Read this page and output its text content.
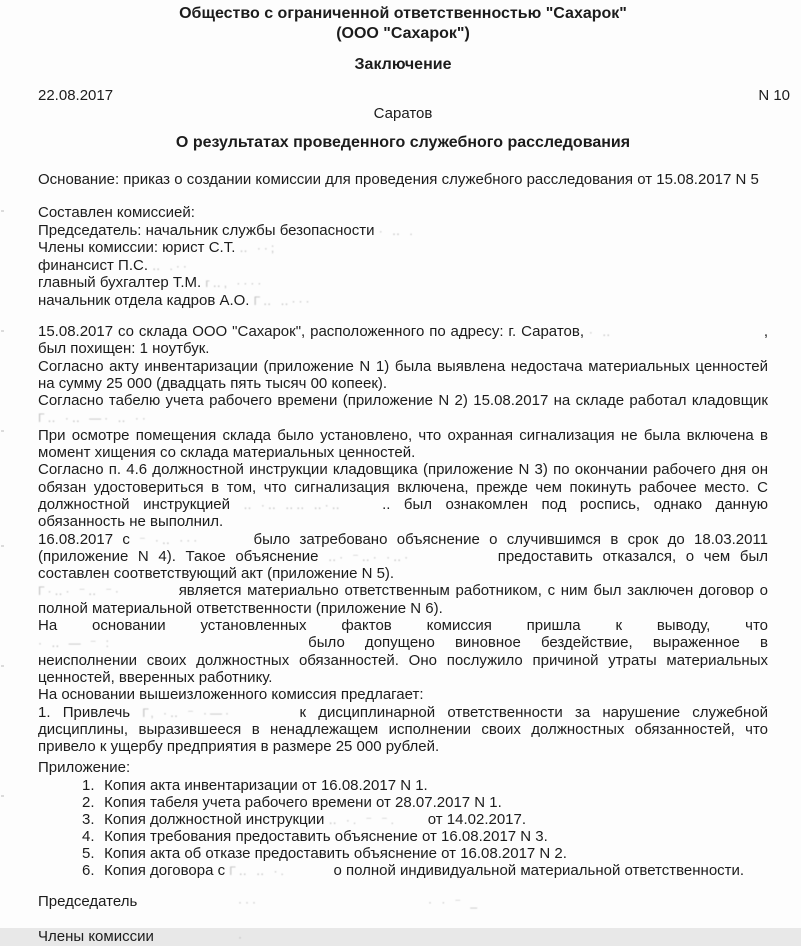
Общество с ограниченной ответственностью "Сахарок"
(ООО "Сахарок")
Заключение
22.08.2017	N 10
Саратов
О результатах проведенного служебного расследования

Основание: приказ о создании комиссии для проведения служебного расследования от 15.08.2017 N 5

Составлен комиссией:
Председатель: начальник службы безопасности · ‥ .
Члены комиссии: юрист С.Т. ‥ ··;
финансист П.С. ‥ .··
главный бухгалтер Т.М. г‥, ····
начальник отдела кадров А.О. Г‥ ‥···

15.08.2017 со склада ООО "Сахарок", расположенного по адресу: г. Саратов, · ‥	, был похищен: 1 ноутбук.

Согласно акту инвентаризации (приложение N 1) была выявлена недостача материальных ценностей на сумму 25 000 (двадцать пять тысяч 00 копеек).

Согласно табелю учета рабочего времени (приложение N 2) 15.08.2017 на складе работал кладовщик Г‥ ·‥ —· ‥ ··

При осмотре помещения склада было установлено, что охранная сигнализация не была включена в момент хищения со склада материальных ценностей.

Согласно п. 4.6 должностной инструкции кладовщика (приложение N 3) по окончании рабочего дня он обязан удостовериться в том, что сигнализация включена, прежде чем покинуть рабочее место. С должностной инструкцией ‥ ·‥ ‥‥ ‥·‥	.. был ознакомлен под роспись, однако данную обязанность не выполнил.

16.08.2017 с ⁻ ·‥ ···	было затребовано объяснение о случившимся в срок до 18.03.2011 (приложение N 4). Такое объяснение ‥· ⁻‥· ·‥·	предоставить отказался, о чем был составлен соответствующий акт (приложение N 5).

Г·‥· ⁻‥ ⁻·	является материально ответственным работником, с ним был заключен договор о полной материальной ответственности (приложение N 6).

На основании установленных фактов комиссия пришла к выводу, что · ‥ — ⁻ :	было допущено виновное бездействие, выраженное в неисполнении своих должностных обязанностей. Оно послужило причиной утраты материальных ценностей, вверенных работнику.

На основании вышеизложенного комиссия предлагает:

1. Привлечь Г, ·‥ ⁻ ·—·	к дисциплинарной ответственности за нарушение служебной дисциплины, выразившееся в ненадлежащем исполнении своих должностных обязанностей, что привело к ущербу предприятия в размере 25 000 рублей.

Приложение:
1. Копия акта инвентаризации от 16.08.2017 N 1.
2. Копия табеля учета рабочего времени от 28.07.2017 N 1.
3. Копия должностной инструкции ‥ ·. ⁻ ⁻. от 14.02.2017.
4. Копия требования предоставить объяснение от 16.08.2017 N 3.
5. Копия акта об отказе предоставить объяснение от 16.08.2017 N 2.
6. Копия договора с Г‥ ‥ ·.	о полной индивидуальной материальной ответственности.
Председатель	···	· · ⁻ _
Члены комиссии	·
